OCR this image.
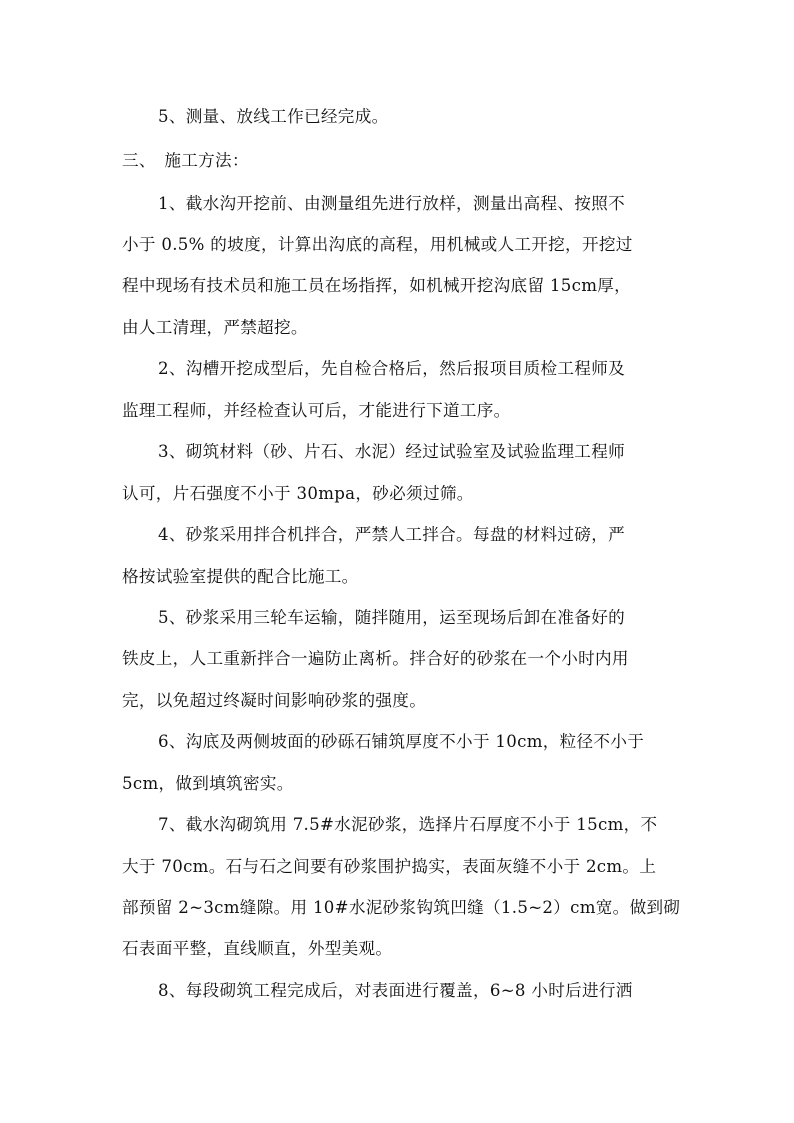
5、测量、放线工作已经完成。
三、　施工方法：
1、截水沟开挖前、由测量组先进行放样，测量出高程、按照不
小于 0.5% 的坡度，计算出沟底的高程，用机械或人工开挖，开挖过
程中现场有技术员和施工员在场指挥，如机械开挖沟底留 15cm厚，
由人工清理，严禁超挖。
2、沟槽开挖成型后，先自检合格后，然后报项目质检工程师及
监理工程师，并经检查认可后，才能进行下道工序。
3、砌筑材料（砂、片石、水泥）经过试验室及试验监理工程师
认可，片石强度不小于 30mpa，砂必须过筛。
4、砂浆采用拌合机拌合，严禁人工拌合。每盘的材料过磅，严
格按试验室提供的配合比施工。
5、砂浆采用三轮车运输，随拌随用，运至现场后卸在准备好的
铁皮上，人工重新拌合一遍防止离析。拌合好的砂浆在一个小时内用
完，以免超过终凝时间影响砂浆的强度。
6、沟底及两侧坡面的砂砾石铺筑厚度不小于 10cm，粒径不小于
5cm，做到填筑密实。
7、截水沟砌筑用 7.5#水泥砂浆，选择片石厚度不小于 15cm，不
大于 70cm。石与石之间要有砂浆围护捣实，表面灰缝不小于 2cm。上
部预留 2~3cm缝隙。用 10#水泥砂浆钩筑凹缝（1.5~2）cm宽。做到砌
石表面平整，直线顺直，外型美观。
8、每段砌筑工程完成后，对表面进行覆盖，6~8 小时后进行洒
